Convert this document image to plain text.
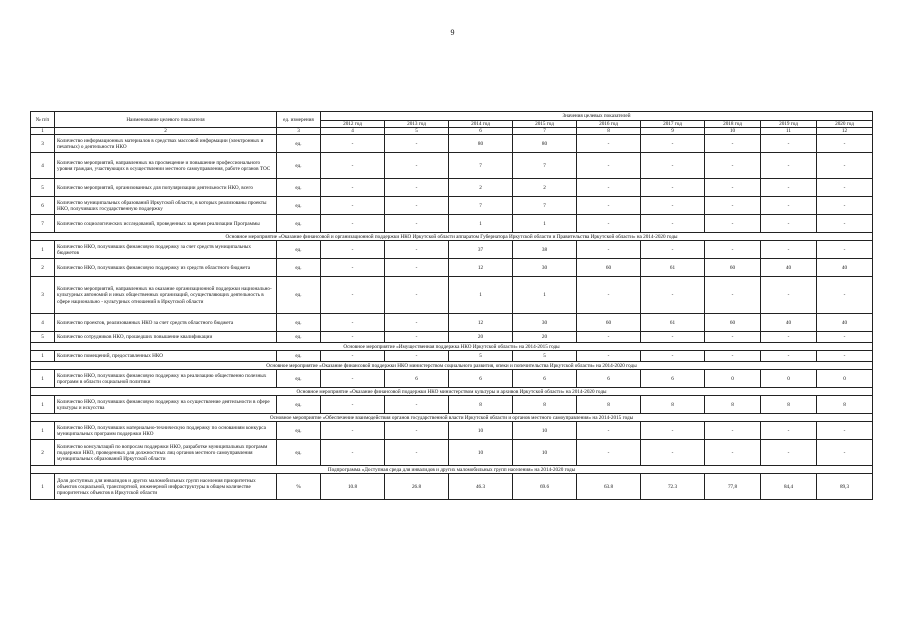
9
№ п/п	Наименование целевого показателя	ед. измерения	Значения целевых показателей								
			2012 год	2013 год	2014 год	2015 год	2016 год	2017 год	2018 год	2019 год	2020 год
1	2	3	4	5	6	7	8	9	10	11	12
3	Количество информационных материалов в средствах массовой информации (электронных и печатных) о деятельности НКО	ед.	-	-	80	80	-	-	-	-	-
4	Количество мероприятий, направленных на просвещение и повышение профессионального уровня граждан, участвующих в осуществлении местного самоуправления, работе органов ТОС	ед.	-	-	7	7	-	-	-	-	-
5	Количество мероприятий, организованных для популяризации деятельности НКО, всего	ед.	-	-	2	2	-	-	-	-	-
6	Количество муниципальных образований Иркутской области, в которых реализованы проекты НКО, получивших государственную поддержку	ед.	-	-	7	7	-	-	-	-	-
7	Количество социологических исследований, проведенных за время реализации Программы	ед.	-	-	1	1	-	-	-	-	-
Основное мероприятие «Оказание финансовой и организационной поддержки НКО Иркутской области аппаратом Губернатора Иркутской области и Правительства Иркутской области» на 2014-2020 годы											
1	Количество НКО, получивших финансовую поддержку за счет средств муниципальных бюджетов	ед.	-	-	37	38	-	-	-	-	-
2	Количество НКО, получивших финансовую поддержку из средств областного бюджета	ед.	-	-	12	30	60	61	60	40	40
3	Количество мероприятий, направленных на оказание организационной поддержки национально-культурных автономий и иных общественных организаций, осуществляющих деятельность в сфере национально - культурных отношений в Иркутской области	ед.	-	-	1	1	-	-	-	-	-
4	Количество проектов, реализованных НКО за счет средств областного бюджета	ед.	-	-	12	30	60	61	60	40	40
5	Количество сотрудников НКО, прошедших повышение квалификации	ед.	-	-	20	20	-	-	-	-	-
Основное мероприятие «Имущественная поддержка НКО Иркутской области» на 2014-2015 годы											
1	Количество помещений, предоставленных НКО	ед.	-	-	5	5	-	-	-	-	-
Основное мероприятие «Оказание финансовой поддержки НКО министерством социального развития, опеки и попечительства Иркутской области» на 2014-2020 годы											
1	Количество НКО, получивших финансовую поддержку на реализацию общественно полезных программ в области социальной политики	ед.	-	6	6	6	6	6	0	0	0
Основное мероприятие «Оказание финансовой поддержки НКО министерством культуры и архивов Иркутской области» на 2014-2020 годы											
1	Количество НКО, получивших финансовую поддержку на осуществление деятельности в сфере культуры и искусства	ед.	-	-	8	8	8	8	8	8	8
Основное мероприятие «Обеспечение взаимодействия органов государственной власти Иркутской области и органов местного самоуправления» на 2014-2015 годы											
1	Количество НКО, получивших материально-техническую поддержку по основаниям конкурса муниципальных программ поддержки НКО	ед.	-	-	10	10	-	-	-	-	-
2	Количество консультаций по вопросам поддержки НКО, разработке муниципальных программ поддержки НКО, проведенных для должностных лиц органов местного самоуправления муниципальных образований Иркутской области	ед.	-	-	10	10	-	-	-	-	-
Подпрограмма «Доступная среда для инвалидов и других маломобильных групп населения» на 2014-2020 годы											
1	Доля доступных для инвалидов и других маломобильных групп населения приоритетных объектов социальной, транспортной, инженерной инфраструктуры в общем количестве приоритетных объектов в Иркутской области	%	10.8	26.8	46.3	69.6	63.8	72.3	77,8	84,4	89,3
